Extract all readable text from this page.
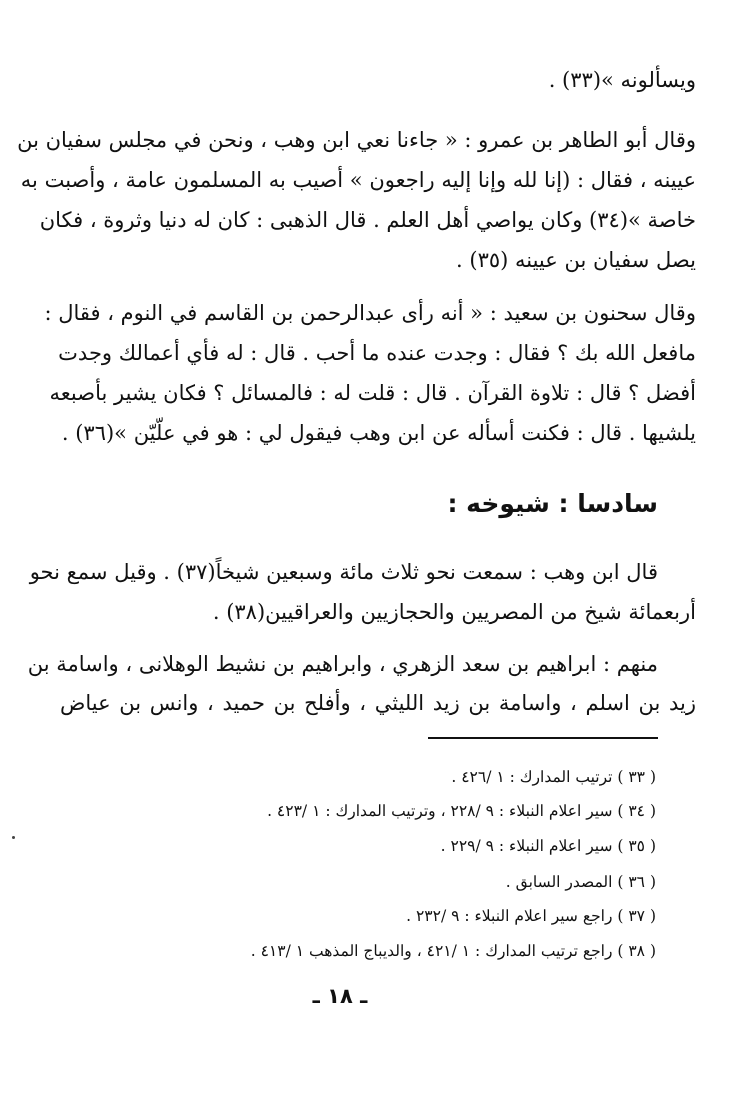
ويسألونه »(٣٣) .
وقال أبو الطاهر بن عمرو : « جاءنا نعي ابن وهب ، ونحن في مجلس سفيان بن
عيينه ، فقال : (إنا لله وإنا إليه راجعون » أصيب به المسلمون عامة ، وأصبت به
خاصة »(٣٤) وكان يواصي أهل العلم . قال الذهبى : كان له دنيا وثروة ، فكان
يصل سفيان بن عيينه (٣٥) .
وقال سحنون بن سعيد : « أنه رأى عبدالرحمن بن القاسم في النوم ، فقال :
مافعل الله بك ؟ فقال : وجدت عنده ما أحب . قال : له فأي أعمالك وجدت
أفضل ؟ قال : تلاوة القرآن . قال : قلت له : فالمسائل ؟ فكان يشير بأصبعه
يلشيها . قال : فكنت أسأله عن ابن وهب فيقول لي : هو في علّيّن »(٣٦) .
سادسا : شيوخه :
قال ابن وهب : سمعت نحو ثلاث مائة وسبعين شيخاً(٣٧) . وقيل سمع نحو
أربعمائة شيخ من المصريين والحجازيين والعراقيين(٣٨) .
منهم : ابراهيم بن سعد الزهري ، وابراهيم بن نشيط الوهلانى ، واسامة بن
زيد بن اسلم ، واسامة بن زيد الليثي ، وأفلح بن حميد ، وانس بن عياض
( ٣٣ ) ترتيب المدارك : ١ /٤٢٦ .
( ٣٤ ) سير اعلام النبلاء : ٩ /٢٢٨ ، وترتيب المدارك : ١ /٤٢٣ .
( ٣٥ ) سير اعلام النبلاء : ٩ /٢٢٩ .
( ٣٦ ) المصدر السابق .
( ٣٧ ) راجع سير اعلام النبلاء : ٩ /٢٣٢ .
( ٣٨ ) راجع ترتيب المدارك : ١ /٤٢١ ، والديباج المذهب ١ /٤١٣ .
ـ ١٨ ـ
